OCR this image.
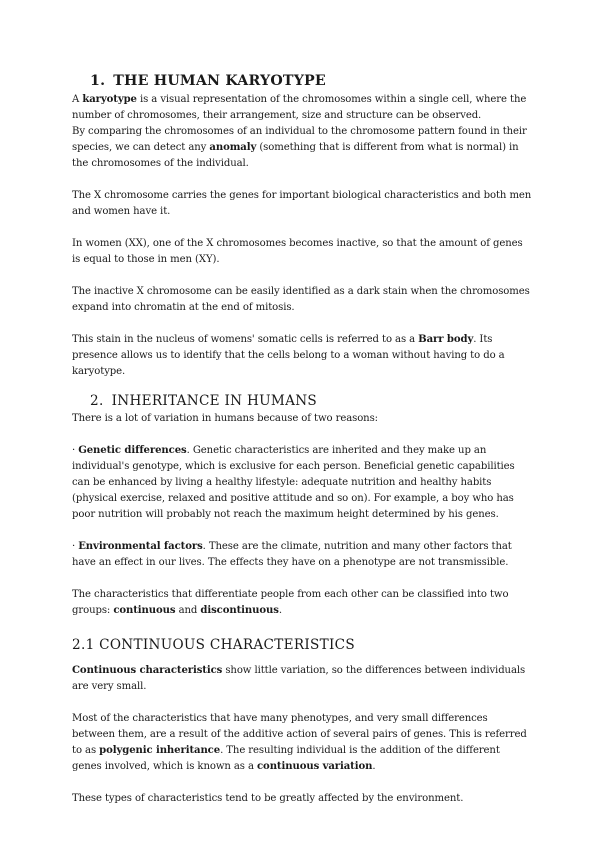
1. THE HUMAN KARYOTYPE

A karyotype is a visual representation of the chromosomes within a single cell, where the number of chromosomes, their arrangement, size and structure can be observed.

By comparing the chromosomes of an individual to the chromosome pattern found in their species, we can detect any anomaly (something that is different from what is normal) in the chromosomes of the individual.

The X chromosome carries the genes for important biological characteristics and both men and women have it.

In women (XX), one of the X chromosomes becomes inactive, so that the amount of genes is equal to those in men (XY).

The inactive X chromosome can be easily identified as a dark stain when the chromosomes expand into chromatin at the end of mitosis.

This stain in the nucleus of womens' somatic cells is referred to as a Barr body. Its presence allows us to identify that the cells belong to a woman without having to do a karyotype.

2. INHERITANCE IN HUMANS

There is a lot of variation in humans because of two reasons:

· Genetic differences. Genetic characteristics are inherited and they make up an individual's genotype, which is exclusive for each person. Beneficial genetic capabilities can be enhanced by living a healthy lifestyle: adequate nutrition and healthy habits (physical exercise, relaxed and positive attitude and so on). For example, a boy who has poor nutrition will probably not reach the maximum height determined by his genes.

· Environmental factors. These are the climate, nutrition and many other factors that have an effect in our lives. The effects they have on a phenotype are not transmissible.

The characteristics that differentiate people from each other can be classified into two groups: continuous and discontinuous.

2.1 CONTINUOUS CHARACTERISTICS

Continuous characteristics show little variation, so the differences between individuals are very small.

Most of the characteristics that have many phenotypes, and very small differences between them, are a result of the additive action of several pairs of genes. This is referred to as polygenic inheritance. The resulting individual is the addition of the different genes involved, which is known as a continuous variation.

These types of characteristics tend to be greatly affected by the environment.
